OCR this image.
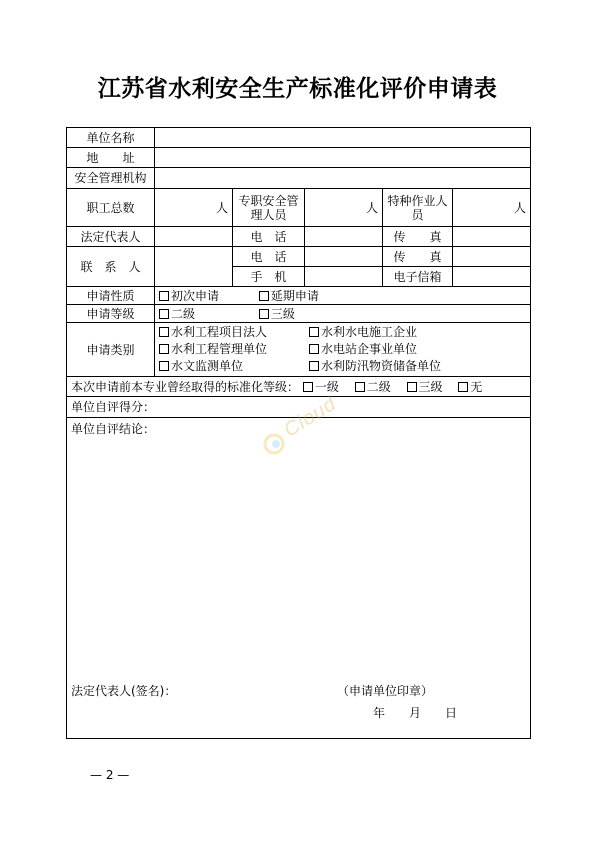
江苏省水利安全生产标准化评价申请表
单位名称					
地　　址					
安全管理机构					
职工总数	人	专职安全管理人员	人	特种作业人　　员	人
法定代表人		电　话		传　　真	
联　系　人		电　话		传　　真	
		手　机		电子信箱	
申请性质	初次申请 延期申请				
申请等级	二级 三级				
申请类别	水利工程项目法人 水利水电施工企业
水利工程管理单位 水电站企事业单位
水文监测单位 水利防汛物资储备单位				
本次申请前本专业曾经取得的标准化等级： 一级 二级 三级 无					
单位自评得分：					

单位自评结论：
法定代表人(签名)： （申请单位印章）
年　　月　　日					
Cloud
— 2 —
